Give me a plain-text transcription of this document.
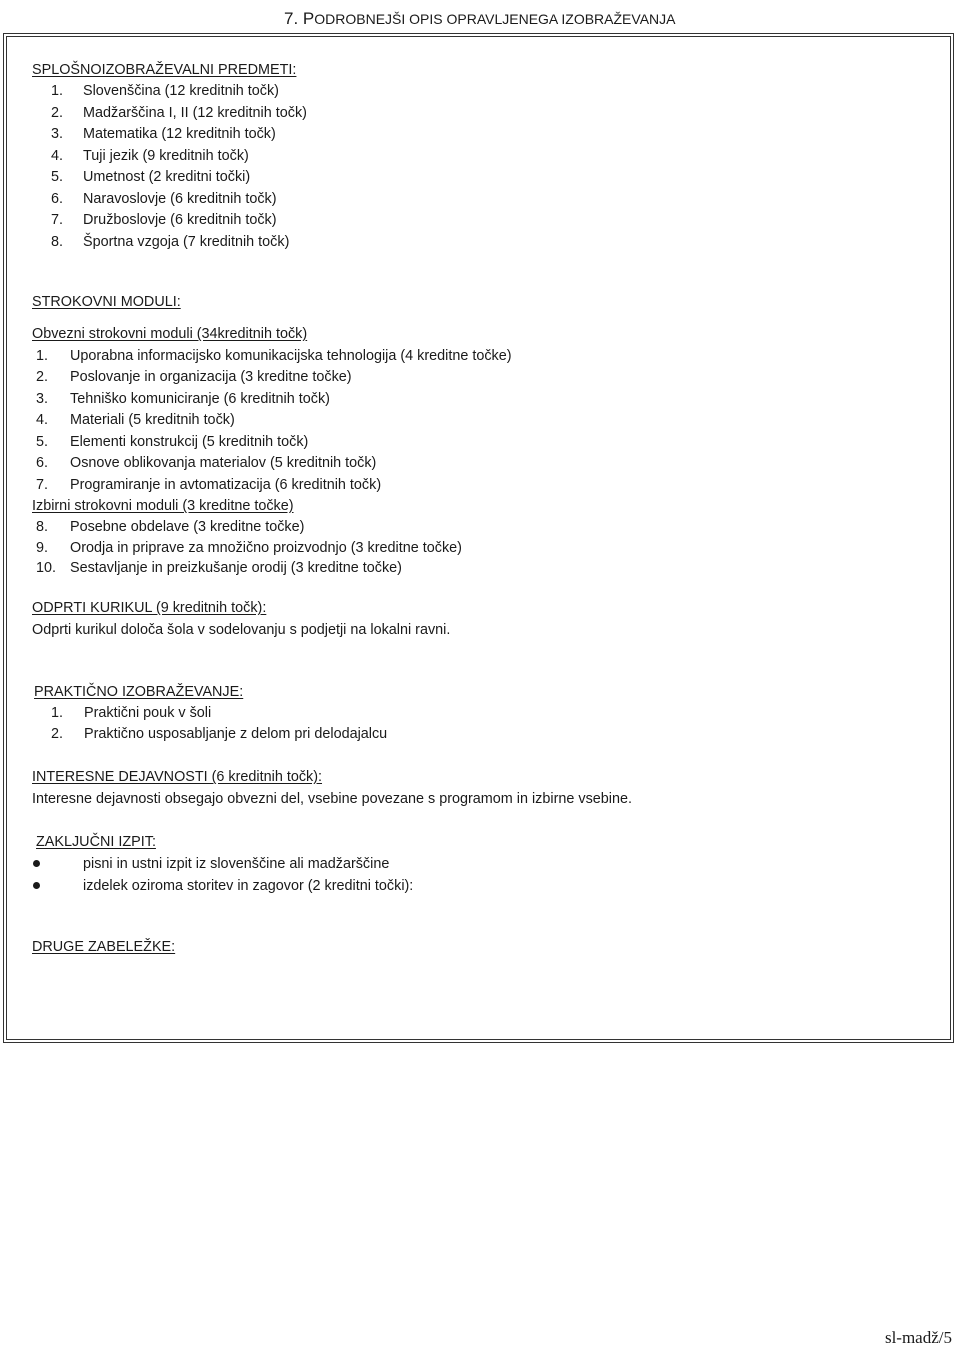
7. PODROBNEJŠI OPIS OPRAVLJENEGA IZOBRAŽEVANJA
SPLOŠNOIZOBRAŽEVALNI PREDMETI:
1. Slovenščina (12 kreditnih točk)
2. Madžarščina I, II (12 kreditnih točk)
3. Matematika (12 kreditnih točk)
4. Tuji jezik (9 kreditnih točk)
5. Umetnost (2 kreditni točki)
6. Naravoslovje (6 kreditnih točk)
7. Družboslovje (6 kreditnih točk)
8. Športna vzgoja (7 kreditnih točk)
STROKOVNI MODULI:
Obvezni strokovni moduli (34kreditnih točk)
1. Uporabna informacijsko komunikacijska tehnologija (4 kreditne točke)
2. Poslovanje in organizacija (3 kreditne točke)
3. Tehniško komuniciranje (6 kreditnih točk)
4. Materiali (5 kreditnih točk)
5. Elementi konstrukcij (5 kreditnih točk)
6. Osnove oblikovanja materialov (5 kreditnih točk)
7. Programiranje in avtomatizacija (6 kreditnih točk)
Izbirni strokovni moduli (3 kreditne točke)
8. Posebne obdelave (3 kreditne točke)
9. Orodja in priprave za množično proizvodnjo (3 kreditne točke)
10. Sestavljanje in preizkušanje orodij (3 kreditne točke)
ODPRTI KURIKUL (9 kreditnih točk):
Odprti kurikul določa šola v sodelovanju s podjetji na lokalni ravni.
PRAKTIČNO IZOBRAŽEVANJE:
1. Praktični pouk v šoli
2. Praktično usposabljanje z delom pri delodajalcu
INTERESNE DEJAVNOSTI (6 kreditnih točk):
Interesne dejavnosti obsegajo obvezni del, vsebine povezane s programom in izbirne vsebine.
ZAKLJUČNI IZPIT:
pisni in ustni izpit iz slovenščine ali madžarščine
izdelek oziroma storitev in zagovor (2 kreditni točki):
DRUGE ZABELEŽKE:
sl-madž/5
